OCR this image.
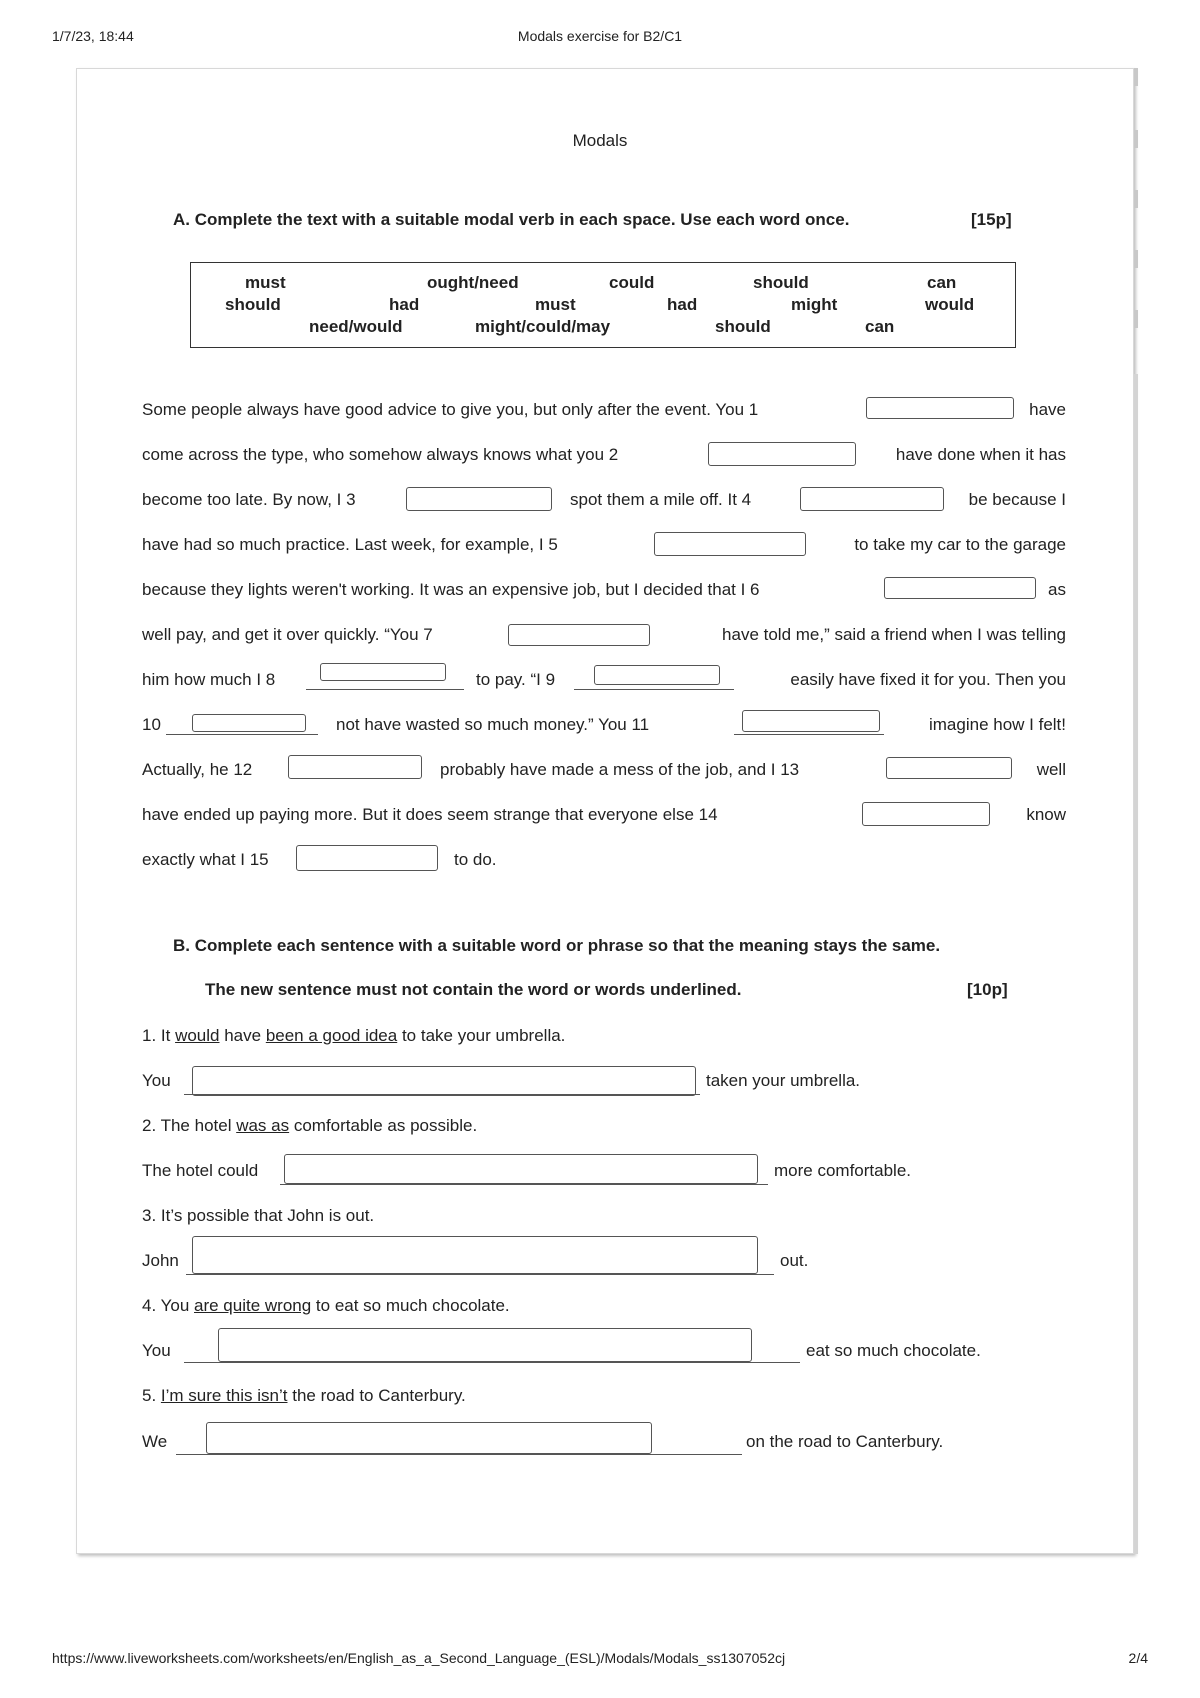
1/7/23, 18:44	Modals exercise for B2/C1
Modals
A. Complete the text with a suitable modal verb in each space. Use each word once.	[15p]
must	ought/need	could	should	can
should	had	must	had	might	would
need/would	might/could/may	should	can
Some people always have good advice to give you, but only after the event. You 1	have
come across the type, who somehow always knows what you 2	have done when it has
become too late. By now, I 3	spot them a mile off. It 4	be because I
have had so much practice. Last week, for example, I 5	to take my car to the garage
because they lights weren't working. It was an expensive job, but I decided that I 6	as
well pay, and get it over quickly. “You 7	have told me,” said a friend when I was telling
him how much I 8	to pay. “I 9	easily have fixed it for you. Then you
10	not have wasted so much money.” You 11	imagine how I felt!
Actually, he 12	probably have made a mess of the job, and I 13	well
have ended up paying more. But it does seem strange that everyone else 14	know
exactly what I 15	to do.
B. Complete each sentence with a suitable word or phrase so that the meaning stays the same.
The new sentence must not contain the word or words underlined.	[10p]
1. It would have been a good idea to take your umbrella.
You	taken your umbrella.
2. The hotel was as comfortable as possible.
The hotel could	more comfortable.
3. It’s possible that John is out.
John	out.
4. You are quite wrong to eat so much chocolate.
You	eat so much chocolate.
5. I’m sure this isn’t the road to Canterbury.
We	on the road to Canterbury.
https://www.liveworksheets.com/worksheets/en/English_as_a_Second_Language_(ESL)/Modals/Modals_ss1307052cj	2/4
